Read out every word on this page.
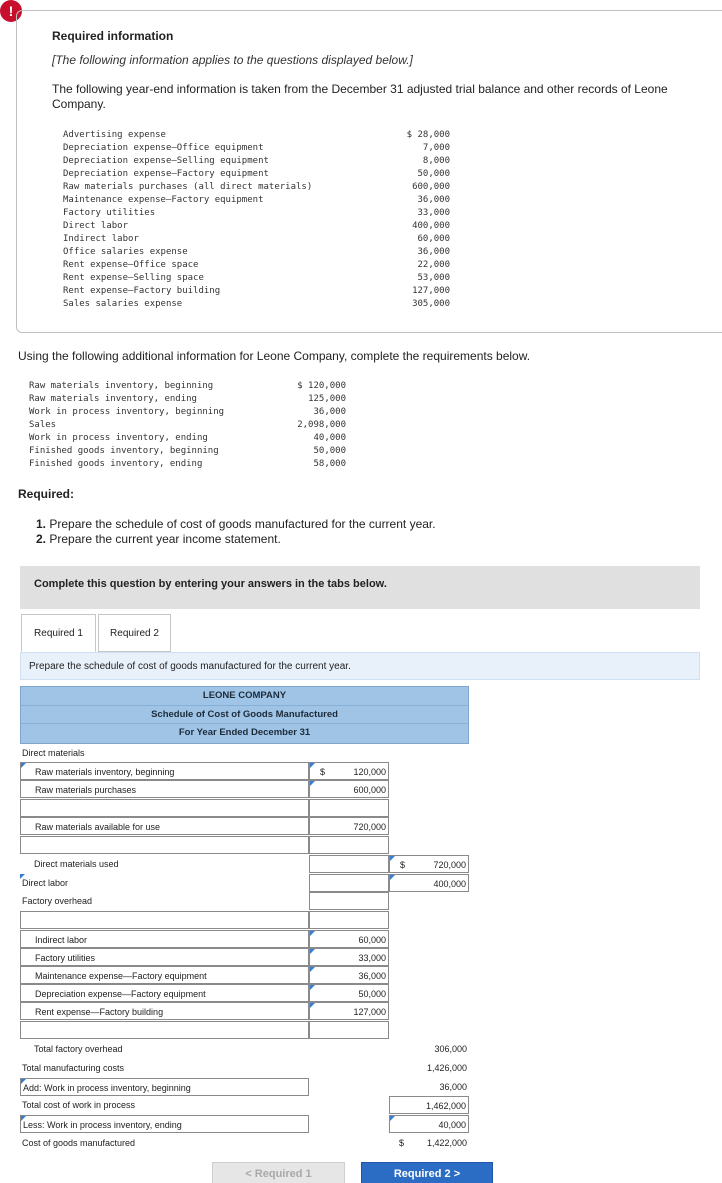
!
Required information
[The following information applies to the questions displayed below.]
The following year-end information is taken from the December 31 adjusted trial balance and other records of Leone Company.
Advertising expense	$ 28,000
Depreciation expense—Office equipment	7,000
Depreciation expense—Selling equipment	8,000
Depreciation expense—Factory equipment	50,000
Raw materials purchases (all direct materials)	600,000
Maintenance expense—Factory equipment	36,000
Factory utilities	33,000
Direct labor	400,000
Indirect labor	60,000
Office salaries expense	36,000
Rent expense—Office space	22,000
Rent expense—Selling space	53,000
Rent expense—Factory building	127,000
Sales salaries expense	305,000
Using the following additional information for Leone Company, complete the requirements below.
Raw materials inventory, beginning	$ 120,000
Raw materials inventory, ending	125,000
Work in process inventory, beginning	36,000
Sales	2,098,000
Work in process inventory, ending	40,000
Finished goods inventory, beginning	50,000
Finished goods inventory, ending	58,000
Required:
1. Prepare the schedule of cost of goods manufactured for the current year.
2. Prepare the current year income statement.
Complete this question by entering your answers in the tabs below.
Required 1	Required 2
Prepare the schedule of cost of goods manufactured for the current year.
LEONE COMPANY
Schedule of Cost of Goods Manufactured
For Year Ended December 31
Direct materials
Raw materials inventory, beginning	$	120,000
Raw materials purchases	600,000
Raw materials available for use	720,000
Direct materials used	$	720,000
Direct labor	400,000
Factory overhead
Indirect labor	60,000
Factory utilities	33,000
Maintenance expense—Factory equipment	36,000
Depreciation expense—Factory equipment	50,000
Rent expense—Factory building	127,000
Total factory overhead	306,000
Total manufacturing costs	1,426,000
Add: Work in process inventory, beginning	36,000
Total cost of work in process	1,462,000
Less: Work in process inventory, ending	40,000
Cost of goods manufactured	$	1,422,000
< Required 1	Required 2 >
